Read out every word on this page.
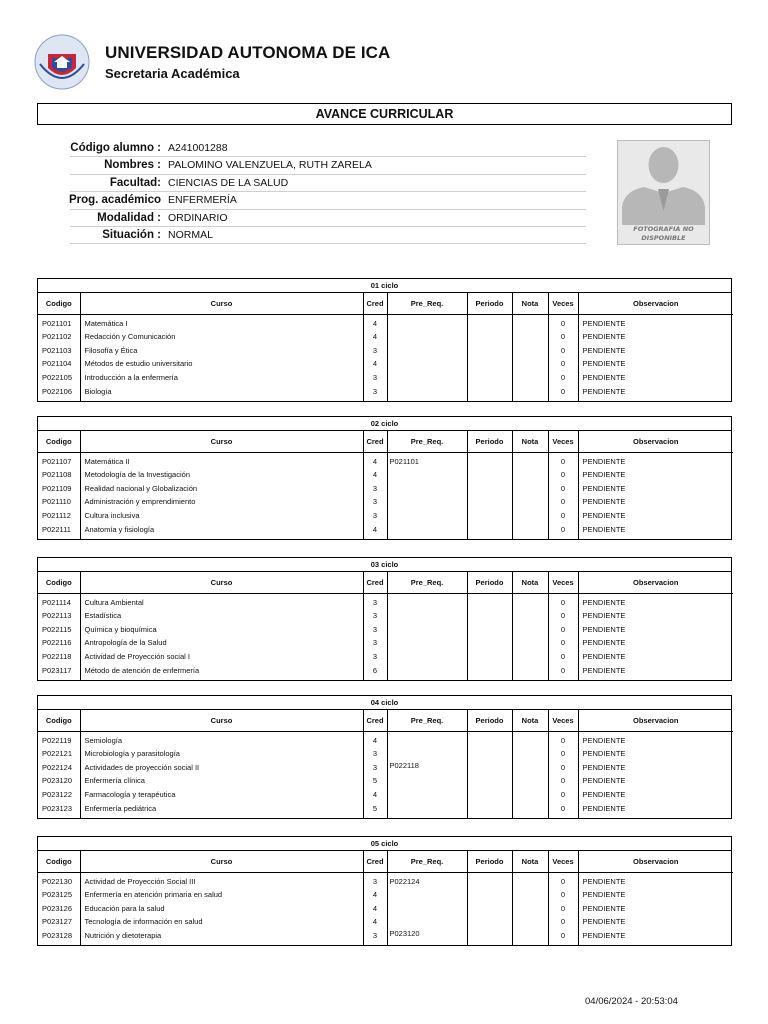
UNIVERSIDAD AUTONOMA DE ICA
Secretaria Académica
AVANCE CURRICULAR
Código alumno : A241001288
Nombres : PALOMINO VALENZUELA, RUTH ZARELA
Facultad: CIENCIAS DE LA SALUD
Prog. académico ENFERMERÍA
Modalidad : ORDINARIO
Situación : NORMAL	FOTOGRAFIA NO DISPONIBLE
01 ciclo
Codigo	Curso	Cred	Pre_Req.	Periodo	Nota	Veces	Observacion
P021101	Matemática I	4				0	PENDIENTE
P021102	Redacción y Comunicación	4				0	PENDIENTE
P021103	Filosofía y Ética	3				0	PENDIENTE
P021104	Métodos de estudio universitario	4				0	PENDIENTE
P022105	Introducción a la enfermería	3				0	PENDIENTE
P022106	Biología	3				0	PENDIENTE
02 ciclo
Codigo	Curso	Cred	Pre_Req.	Periodo	Nota	Veces	Observacion
P021107	Matemática II	4	P021101			0	PENDIENTE
P021108	Metodología de la Investigación	4				0	PENDIENTE
P021109	Realidad nacional y Globalización	3				0	PENDIENTE
P021110	Administración y emprendimiento	3				0	PENDIENTE
P021112	Cultura inclusiva	3				0	PENDIENTE
P022111	Anatomía y fisiología	4				0	PENDIENTE
03 ciclo
Codigo	Curso	Cred	Pre_Req.	Periodo	Nota	Veces	Observacion
P021114	Cultura Ambiental	3				0	PENDIENTE
P022113	Estadística	3				0	PENDIENTE
P022115	Química y bioquímica	3				0	PENDIENTE
P022116	Antropología de la Salud	3				0	PENDIENTE
P022118	Actividad de Proyección social I	3				0	PENDIENTE
P023117	Método de atención de enfermería	6				0	PENDIENTE
04 ciclo
Codigo	Curso	Cred	Pre_Req.	Periodo	Nota	Veces	Observacion
P022119	Semiología	4				0	PENDIENTE
P022121	Microbiología y parasitología	3				0	PENDIENTE
P022124	Actividades de proyección social II	3	P022118			0	PENDIENTE
P023120	Enfermería clínica	5				0	PENDIENTE
P023122	Farmacología y terapéutica	4				0	PENDIENTE
P023123	Enfermería pediátrica	5				0	PENDIENTE
05 ciclo
Codigo	Curso	Cred	Pre_Req.	Periodo	Nota	Veces	Observacion
P022130	Actividad de Proyección Social III	3	P022124			0	PENDIENTE
P023125	Enfermería en atención primaria en salud	4				0	PENDIENTE
P023126	Educación para la salud	4				0	PENDIENTE
P023127	Tecnología de información en salud	4				0	PENDIENTE
P023128	Nutrición y dietoterapia	3	P023120			0	PENDIENTE
04/06/2024 - 20:53:04
